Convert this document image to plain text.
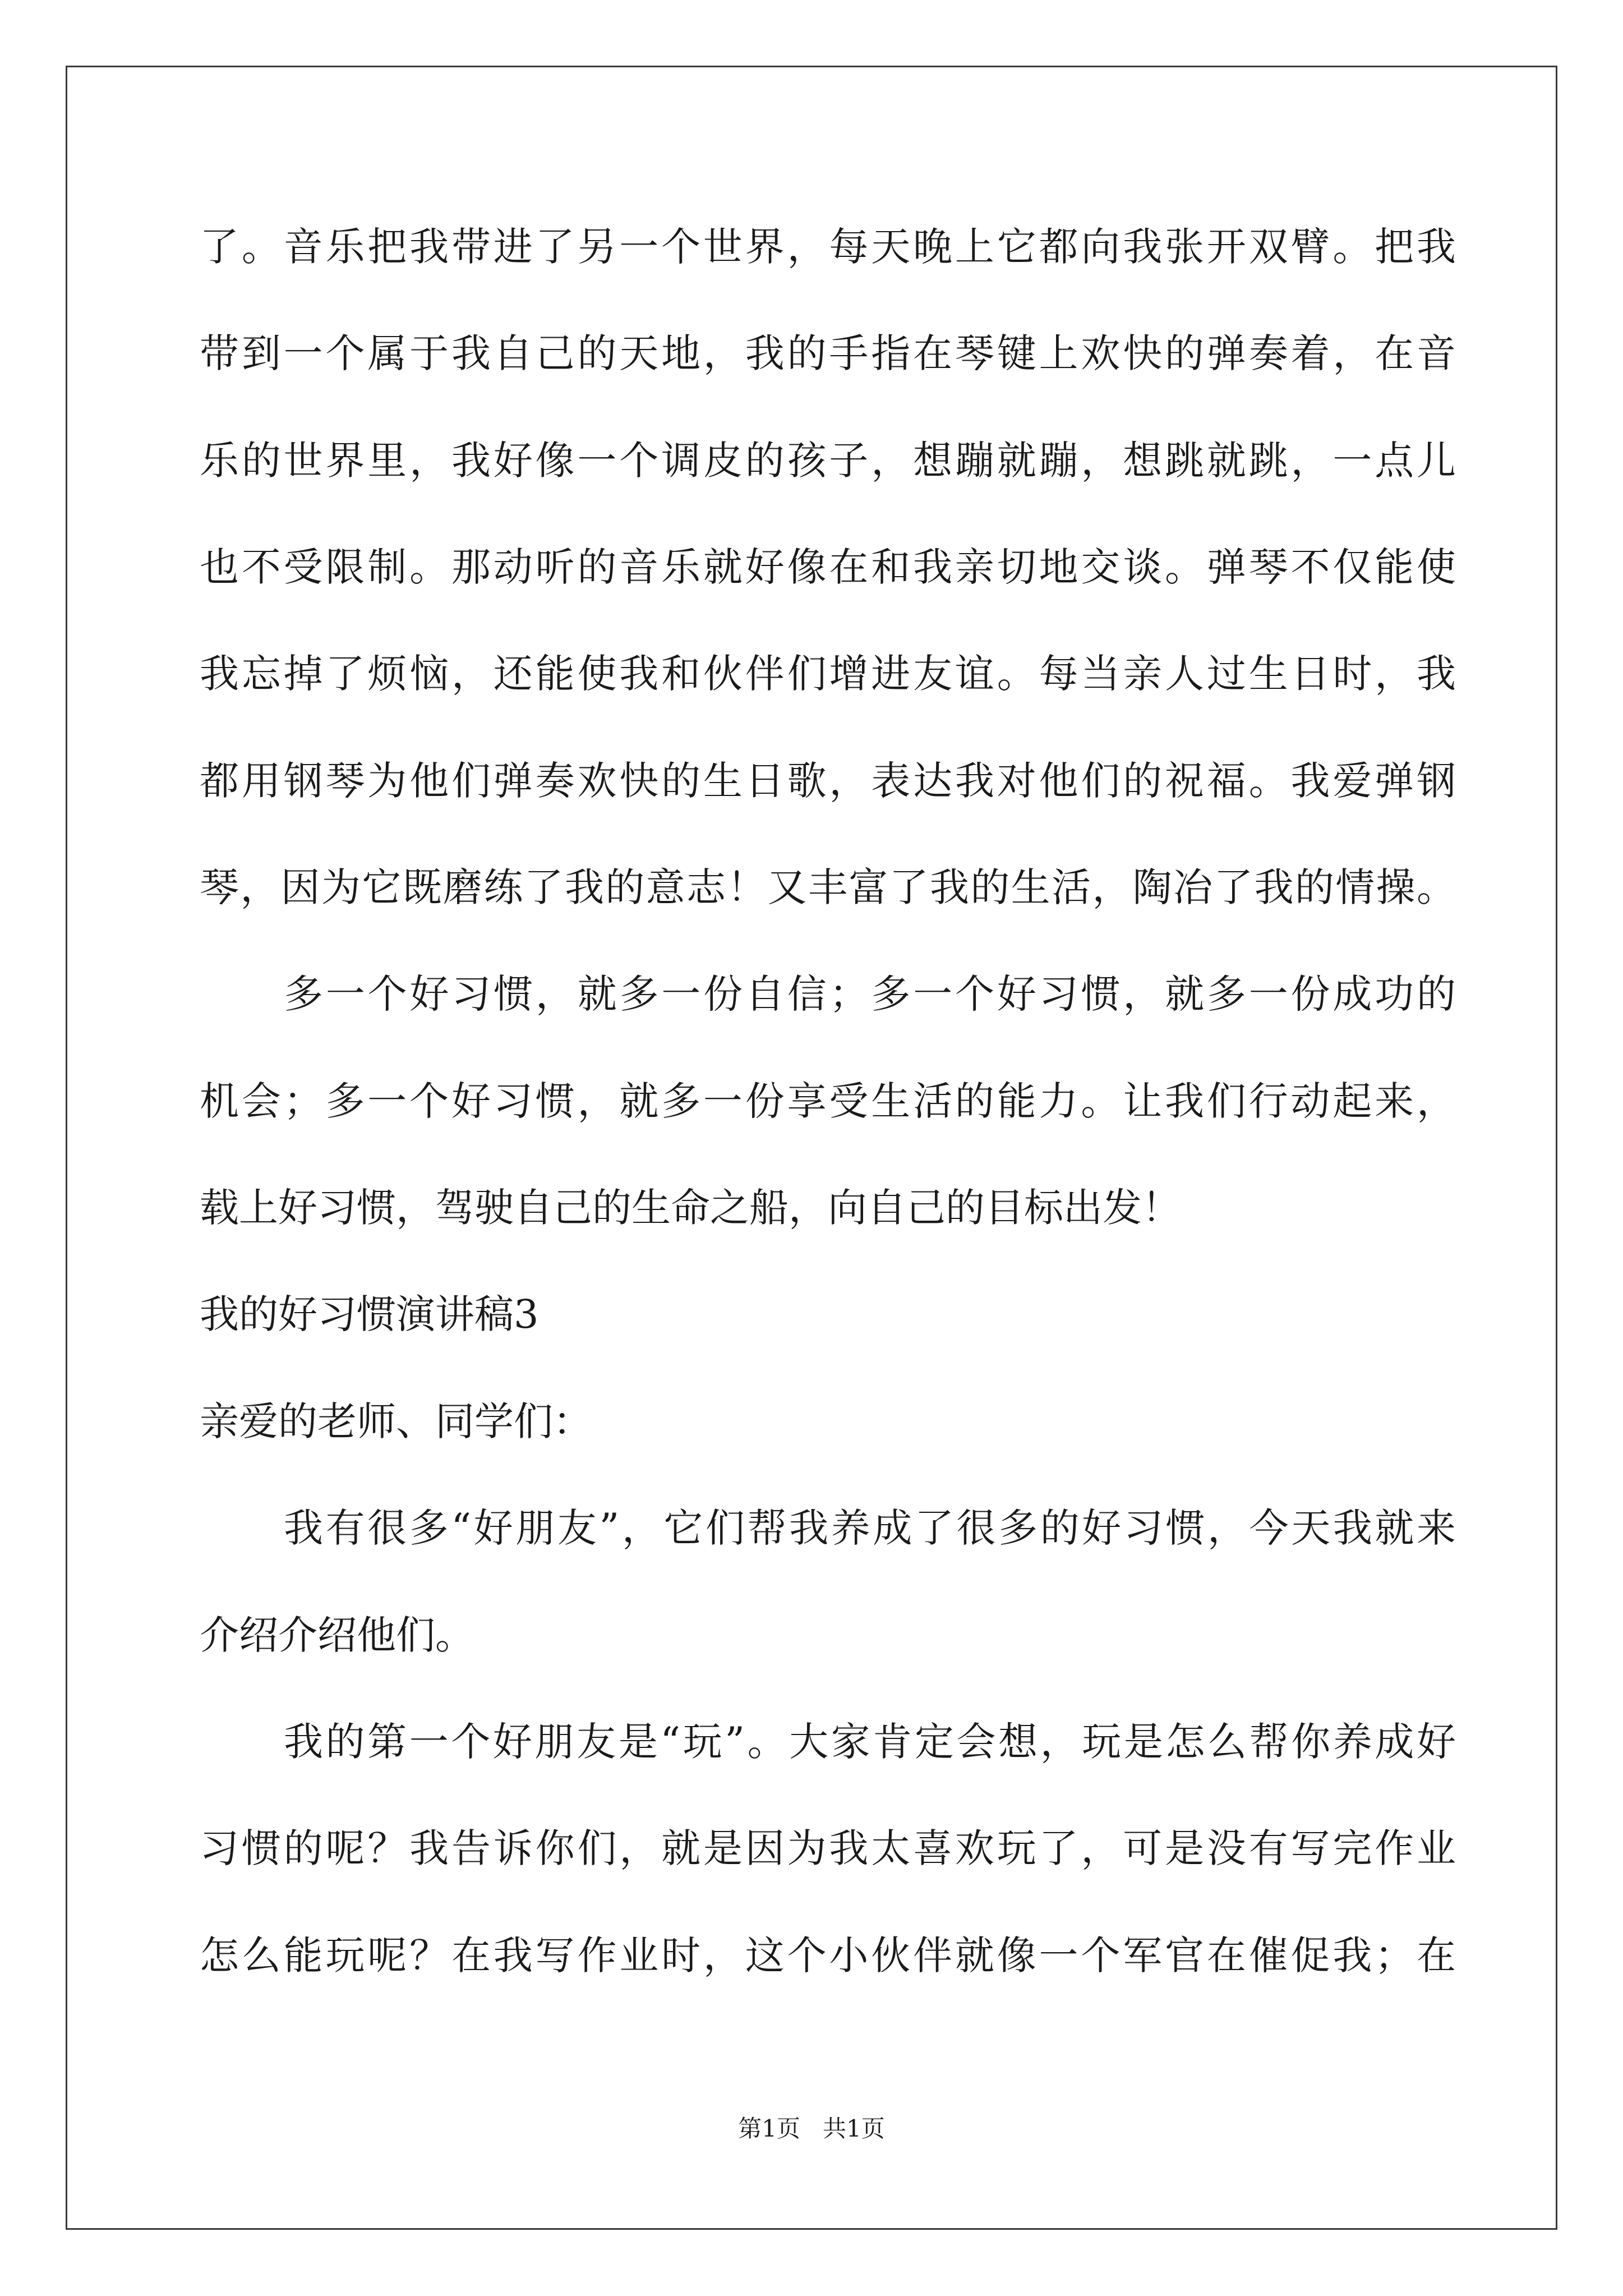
了。音乐把我带进了另一个世界，每天晚上它都向我张开双臂。把我
带到一个属于我自己的天地，我的手指在琴键上欢快的弹奏着，在音
乐的世界里，我好像一个调皮的孩子，想蹦就蹦，想跳就跳，一点儿
也不受限制。那动听的音乐就好像在和我亲切地交谈。弹琴不仅能使
我忘掉了烦恼，还能使我和伙伴们增进友谊。每当亲人过生日时，我
都用钢琴为他们弹奏欢快的生日歌，表达我对他们的祝福。我爱弹钢
琴，因为它既磨练了我的意志！又丰富了我的生活，陶冶了我的情操。
多一个好习惯，就多一份自信；多一个好习惯，就多一份成功的
机会；多一个好习惯，就多一份享受生活的能力。让我们行动起来，
载上好习惯，驾驶自己的生命之船，向自己的目标出发！
我的好习惯演讲稿3
亲爱的老师、同学们：
我有很多“好朋友”，它们帮我养成了很多的好习惯，今天我就来
介绍介绍他们。
我的第一个好朋友是“玩”。大家肯定会想，玩是怎么帮你养成好
习惯的呢？我告诉你们，就是因为我太喜欢玩了，可是没有写完作业
怎么能玩呢？在我写作业时，这个小伙伴就像一个军官在催促我；在
第1页   共1页
